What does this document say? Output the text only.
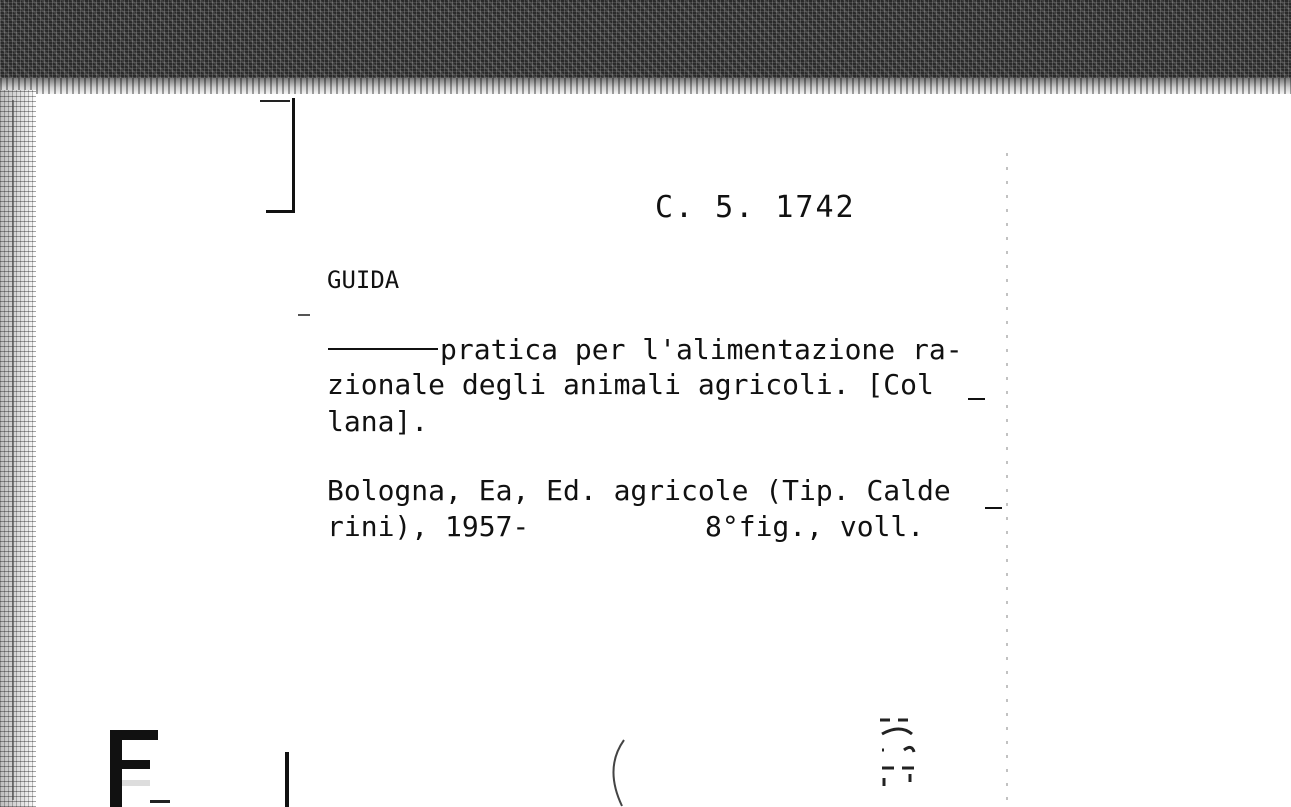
C. 5. 1742

GUIDA

pratica per l'alimentazione ra-

zionale degli animali agricoli. [Col

lana].

Bologna, Ea, Ed. agricole (Tip. Calde

rini), 1957-	8°fig., voll.
